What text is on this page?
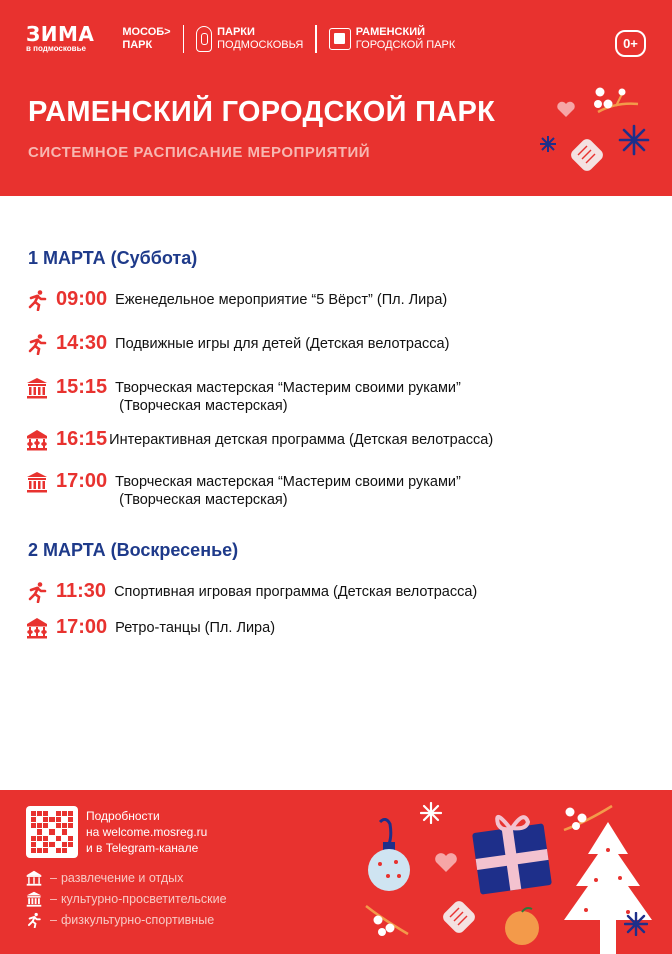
ЗИМА
в подмосковье
МОСОБ>
ПАРК
ПАРКИ
ПОДМОСКОВЬЯ
РАМЕНСКИЙ
ГОРОДСКОЙ ПАРК	0+
РАМЕНСКИЙ ГОРОДСКОЙ ПАРК
СИСТЕМНОЕ РАСПИСАНИЕ МЕРОПРИЯТИЙ
1 МАРТА (Суббота)
09:00 Еженедельное мероприятие “5 Вёрст” (Пл. Лира)
14:30 Подвижные игры для детей (Детская велотрасса)
15:15 Творческая мастерская “Мастерим своими руками”
(Творческая мастерская)
16:15 Интерактивная детская программа (Детская велотрасса)
17:00 Творческая мастерская “Мастерим своими руками”
(Творческая мастерская)
2 МАРТА (Воскресенье)
11:30 Спортивная игровая программа (Детская велотрасса)
17:00 Ретро-танцы (Пл. Лира)
Подробности
на welcome.mosreg.ru
и в Telegram-канале
– развлечение и отдых
– культурно-просветительские
– физкультурно-спортивные
